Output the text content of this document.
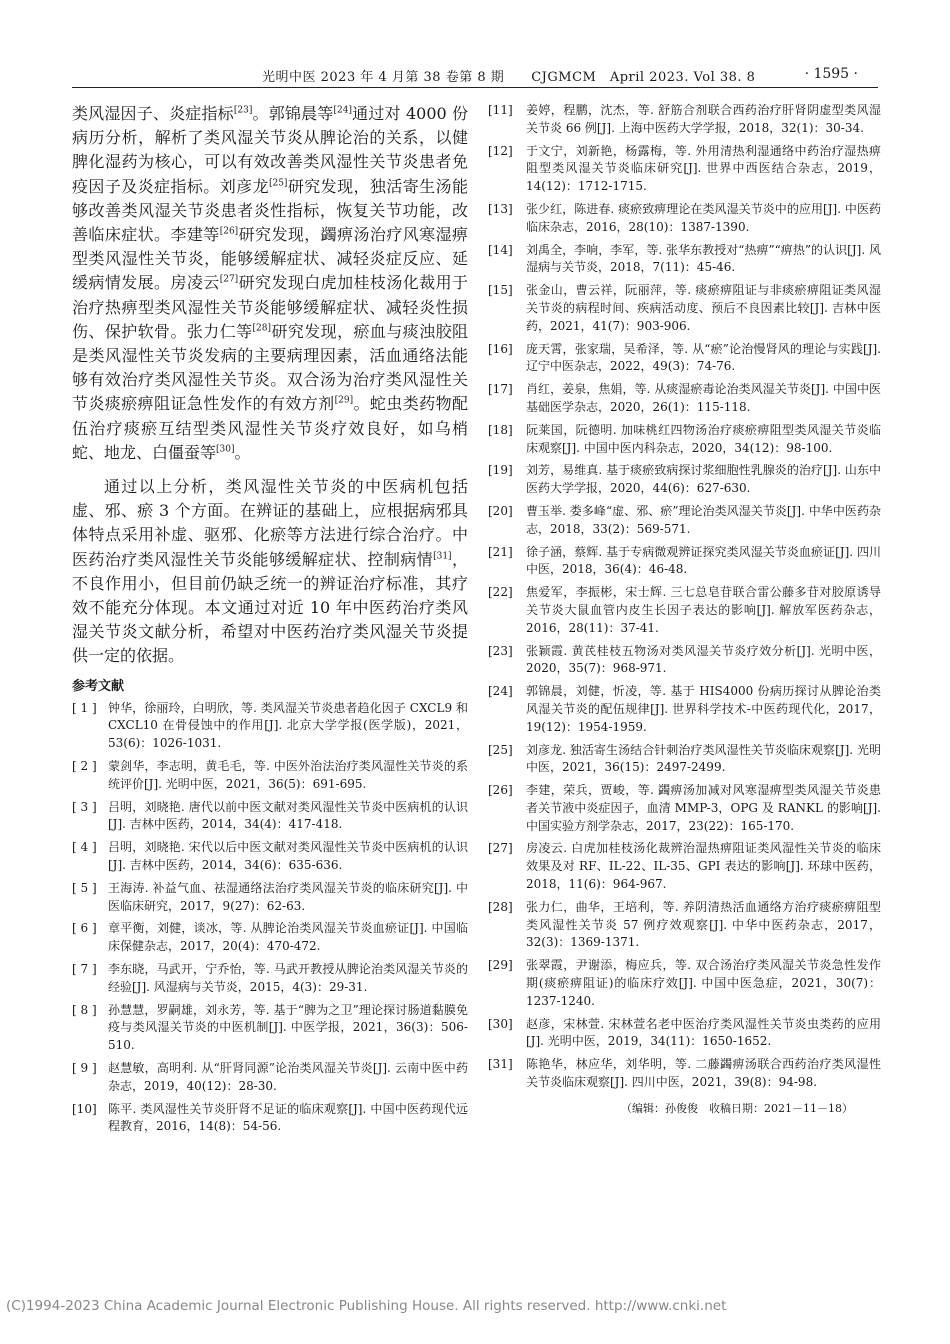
光明中医 2023 年 4 月第 38 卷第 8 期　　CJGMCM　April 2023. Vol 38. 8	· 1595 ·

类风湿因子、炎症指标[23]。郭锦晨等[24]通过对 4000 份病历分析，解析了类风湿关节炎从脾论治的关系，以健脾化湿药为核心，可以有效改善类风湿性关节炎患者免疫因子及炎症指标。刘彦龙[25]研究发现，独活寄生汤能够改善类风湿关节炎患者炎性指标，恢复关节功能，改善临床症状。李建等[26]研究发现，蠲痹汤治疗风寒湿痹型类风湿性关节炎，能够缓解症状、减轻炎症反应、延缓病情发展。房凌云[27]研究发现白虎加桂枝汤化裁用于治疗热痹型类风湿性关节炎能够缓解症状、减轻炎性损伤、保护软骨。张力仁等[28]研究发现，瘀血与痰浊胶阻是类风湿性关节炎发病的主要病理因素，活血通络法能够有效治疗类风湿性关节炎。双合汤为治疗类风湿性关节炎痰瘀痹阻证急性发作的有效方剂[29]。蛇虫类药物配伍治疗痰瘀互结型类风湿性关节炎疗效良好，如乌梢蛇、地龙、白僵蚕等[30]。

通过以上分析，类风湿性关节炎的中医病机包括虚、邪、瘀 3 个方面。在辨证的基础上，应根据病邪具体特点采用补虚、驱邪、化瘀等方法进行综合治疗。中医药治疗类风湿性关节炎能够缓解症状、控制病情[31]，不良作用小，但目前仍缺乏统一的辨证治疗标准，其疗效不能充分体现。本文通过对近 10 年中医药治疗类风湿关节炎文献分析，希望对中医药治疗类风湿关节炎提供一定的依据。

参考文献
[ 1 ] 钟华，徐丽玲，白明欣，等. 类风湿关节炎患者趋化因子 CXCL9 和 CXCL10 在骨侵蚀中的作用[J]. 北京大学学报(医学版)，2021，53(6)：1026-1031.
[ 2 ] 蒙剑华，李志明，黄毛毛，等. 中医外治法治疗类风湿性关节炎的系统评价[J]. 光明中医，2021，36(5)：691-695.
[ 3 ] 吕明，刘晓艳. 唐代以前中医文献对类风湿性关节炎中医病机的认识[J]. 吉林中医药，2014，34(4)：417-418.
[ 4 ] 吕明，刘晓艳. 宋代以后中医文献对类风湿性关节炎中医病机的认识[J]. 吉林中医药，2014，34(6)：635-636.
[ 5 ] 王海涛. 补益气血、祛湿通络法治疗类风湿关节炎的临床研究[J]. 中医临床研究，2017，9(27)：62-63.
[ 6 ] 章平衡，刘健，谈冰，等. 从脾论治类风湿关节炎血瘀证[J]. 中国临床保健杂志，2017，20(4)：470-472.
[ 7 ] 李东晓，马武开，宁乔怡，等. 马武开教授从脾论治类风湿关节炎的经验[J]. 风湿病与关节炎，2015，4(3)：29-31.
[ 8 ] 孙慧慧，罗嗣雄，刘永芳，等. 基于“脾为之卫”理论探讨肠道黏膜免疫与类风湿关节炎的中医机制[J]. 中医学报，2021，36(3)：506-510.
[ 9 ] 赵慧敏，高明利. 从“肝肾同源”论治类风湿关节炎[J]. 云南中医中药杂志，2019，40(12)：28-30.
[10] 陈平. 类风湿性关节炎肝肾不足证的临床观察[J]. 中国中医药现代远程教育，2016，14(8)：54-56.
[11]	姜婷，程鹏，沈杰，等. 舒筋合剂联合西药治疗肝肾阴虚型类风湿关节炎 66 例[J]. 上海中医药大学学报，2018，32(1)：30-34.
[12]	于文宁，刘新艳，杨露梅，等. 外用清热利湿通络中药治疗湿热痹阻型类风湿关节炎临床研究[J]. 世界中西医结合杂志，2019，14(12)：1712-1715.
[13]	张少红，陈进春. 痰瘀致痹理论在类风湿关节炎中的应用[J]. 中医药临床杂志，2016，28(10)：1387-1390.
[14]	刘禹全，李响，李军，等. 张华东教授对“热痹”“痹热”的认识[J]. 风湿病与关节炎，2018，7(11)：45-46.
[15]	张金山，曹云祥，阮丽萍，等. 痰瘀痹阻证与非痰瘀痹阻证类风湿关节炎的病程时间、疾病活动度、预后不良因素比较[J]. 吉林中医药，2021，41(7)：903-906.
[16]	庞天霄，张家瑞，吴希泽，等. 从“瘀”论治慢肾风的理论与实践[J]. 辽宁中医杂志，2022，49(3)：74-76.
[17]	肖红，姜泉，焦娟，等. 从痰湿瘀毒论治类风湿关节炎[J]. 中国中医基础医学杂志，2020，26(1)：115-118.
[18]	阮莱国，阮德明. 加味桃红四物汤治疗痰瘀痹阻型类风湿关节炎临床观察[J]. 中国中医内科杂志，2020，34(12)：98-100.
[19]	刘芳，易维真. 基于痰瘀致病探讨浆细胞性乳腺炎的治疗[J]. 山东中医药大学学报，2020，44(6)：627-630.
[20]	曹玉举. 娄多峰“虚、邪、瘀”理论治类风湿关节炎[J]. 中华中医药杂志，2018，33(2)：569-571.
[21]	徐子涵，蔡辉. 基于专病微观辨证探究类风湿关节炎血瘀证[J]. 四川中医，2018，36(4)：46-48.
[22]	焦爱军，李振彬，宋士辉. 三七总皂苷联合雷公藤多苷对胶原诱导关节炎大鼠血管内皮生长因子表达的影响[J]. 解放军医药杂志，2016，28(11)：37-41.
[23]	张颖霞. 黄芪桂枝五物汤对类风湿关节炎疗效分析[J]. 光明中医，2020，35(7)：968-971.
[24]	郭锦晨，刘健，忻凌，等. 基于 HIS4000 份病历探讨从脾论治类风湿关节炎的配伍规律[J]. 世界科学技术-中医药现代化，2017，19(12)：1954-1959.
[25]	刘彦龙. 独活寄生汤结合针刺治疗类风湿性关节炎临床观察[J]. 光明中医，2021，36(15)：2497-2499.
[26]	李建，荣兵，贾峻，等. 蠲痹汤加减对风寒湿痹型类风湿关节炎患者关节液中炎症因子，血清 MMP-3，OPG 及 RANKL 的影响[J]. 中国实验方剂学杂志，2017，23(22)：165-170.
[27]	房凌云. 白虎加桂枝汤化裁辨治湿热痹阻证类风湿性关节炎的临床效果及对 RF、IL-22、IL-35、GPI 表达的影响[J]. 环球中医药，2018，11(6)：964-967.
[28]	张力仁，曲华，王培利，等. 养阴清热活血通络方治疗痰瘀痹阻型类风湿性关节炎 57 例疗效观察[J]. 中华中医药杂志，2017，32(3)：1369-1371.
[29]	张翠霞，尹谢添，梅应兵，等. 双合汤治疗类风湿关节炎急性发作期(痰瘀痹阻证)的临床疗效[J]. 中国中医急症，2021，30(7)：1237-1240.
[30]	赵彦，宋林萱. 宋林萱名老中医治疗类风湿性关节炎虫类药的应用[J]. 光明中医，2019，34(11)：1650-1652.
[31]	陈艳华，林应华，刘华明，等. 二藤蠲痹汤联合西药治疗类风湿性关节炎临床观察[J]. 四川中医，2021，39(8)：94-98.
（编辑：孙俊俊　收稿日期：2021－11－18）
(C)1994-2023 China Academic Journal Electronic Publishing House. All rights reserved. http://www.cnki.net
